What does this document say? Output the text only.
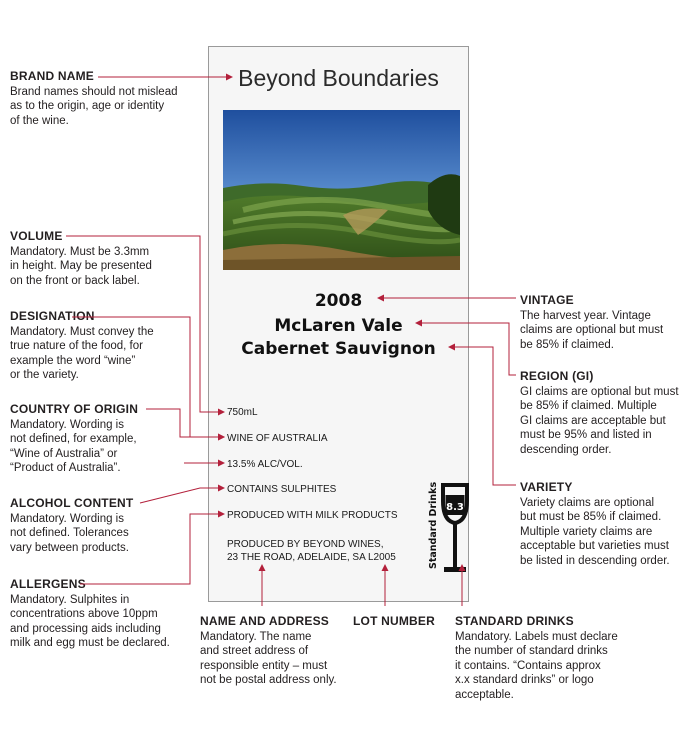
BRAND NAME
Brand names should not mislead
as to the origin, age or identity
of the wine.
VOLUME
Mandatory. Must be 3.3mm
in height. May be presented
on the front or back label.
DESIGNATION
Mandatory. Must convey the
true nature of the food, for
example the word “wine”
or the variety.
COUNTRY OF ORIGIN
Mandatory. Wording is
not defined, for example,
“Wine of Australia” or
“Product of Australia”.
ALCOHOL CONTENT
Mandatory. Wording is
not defined. Tolerances
vary between products.
ALLERGENS
Mandatory. Sulphites in
concentrations above 10ppm
and processing aids including
milk and egg must be declared.
VINTAGE
The harvest year. Vintage
claims are optional but must
be 85% if claimed.
REGION (GI)
GI claims are optional but must
be 85% if claimed. Multiple
GI claims are acceptable but
must be 95% and listed in
descending order.
VARIETY
Variety claims are optional
but must be 85% if claimed.
Multiple variety claims are
acceptable but varieties must
be listed in descending order.
NAME AND ADDRESS
Mandatory. The name
and street address of
responsible entity – must
not be postal address only.
LOT NUMBER STANDARD DRINKS
Mandatory. Labels must declare
the number of standard drinks
it contains. “Contains approx
x.x standard drinks” or logo
acceptable.
Beyond Boundaries
2008
McLaren Vale
Cabernet Sauvignon
750mL
WINE OF AUSTRALIA
13.5% ALC/VOL.
CONTAINS SULPHITES
PRODUCED WITH MILK PRODUCTS
PRODUCED BY BEYOND WINES,
23 THE ROAD, ADELAIDE, SA L2005
8.3
Standard Drinks
